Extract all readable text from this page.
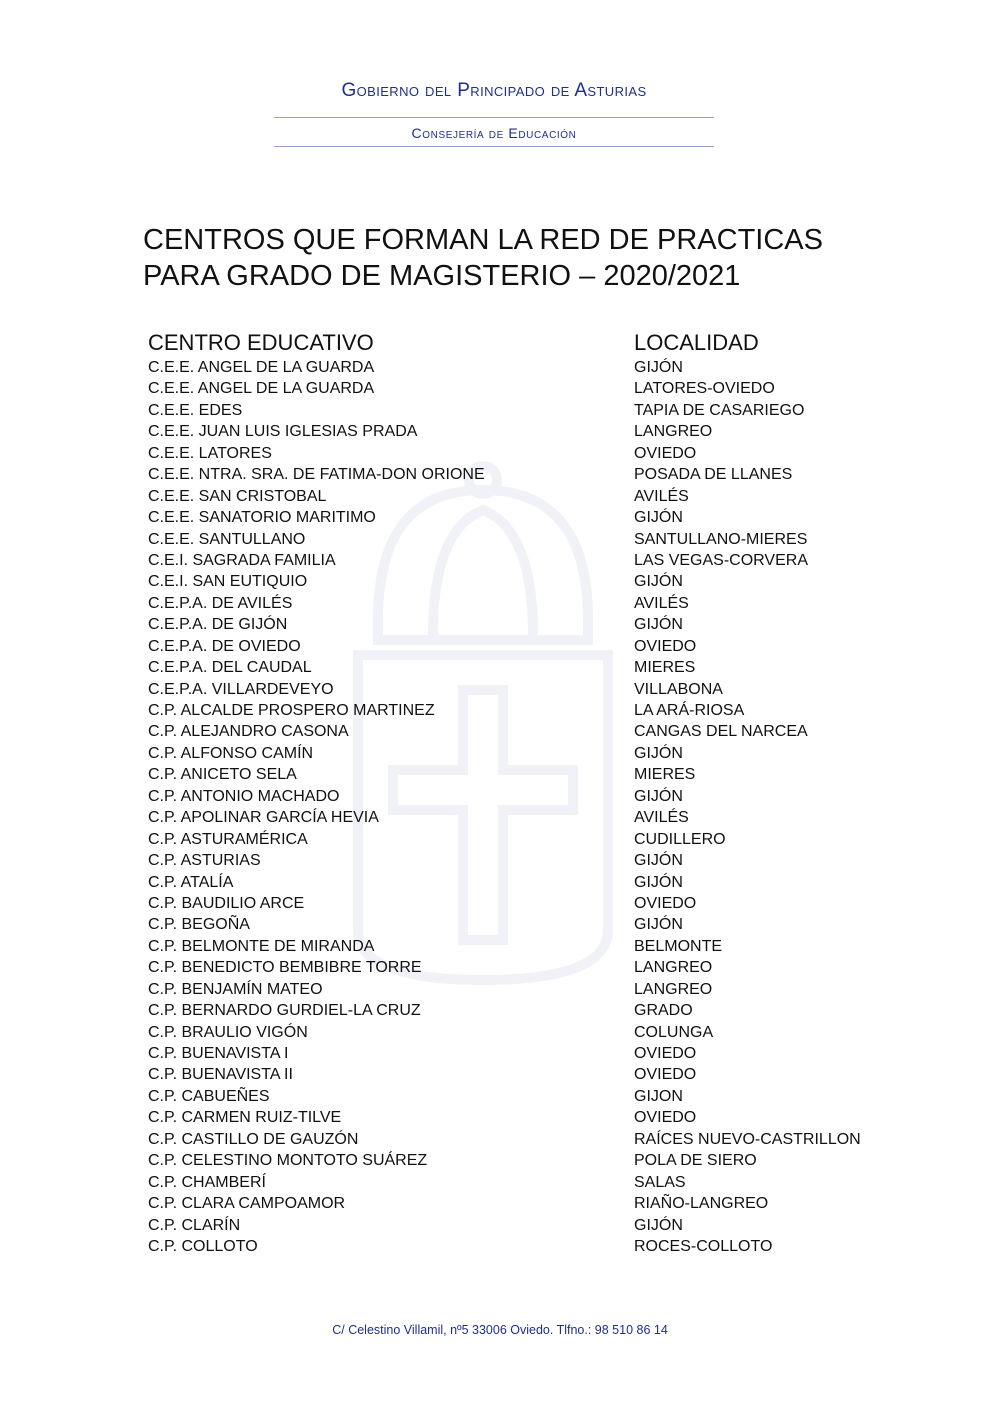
Gobierno del Principado de Asturias
Consejería de Educación
CENTROS QUE FORMAN LA RED DE PRACTICAS
PARA GRADO DE MAGISTERIO – 2020/2021
CENTRO EDUCATIVO	LOCALIDAD
C.E.E. ANGEL DE LA GUARDA	GIJÓN
C.E.E. ANGEL DE LA GUARDA	LATORES-OVIEDO
C.E.E. EDES	TAPIA DE CASARIEGO
C.E.E. JUAN LUIS IGLESIAS PRADA	LANGREO
C.E.E. LATORES	OVIEDO
C.E.E. NTRA. SRA. DE FATIMA-DON ORIONE	POSADA DE LLANES
C.E.E. SAN CRISTOBAL	AVILÉS
C.E.E. SANATORIO MARITIMO	GIJÓN
C.E.E. SANTULLANO	SANTULLANO-MIERES
C.E.I. SAGRADA FAMILIA	LAS VEGAS-CORVERA
C.E.I. SAN EUTIQUIO	GIJÓN
C.E.P.A. DE AVILÉS	AVILÉS
C.E.P.A. DE GIJÓN	GIJÓN
C.E.P.A. DE OVIEDO	OVIEDO
C.E.P.A. DEL CAUDAL	MIERES
C.E.P.A. VILLARDEVEYO	VILLABONA
C.P. ALCALDE PROSPERO MARTINEZ	LA ARÁ-RIOSA
C.P. ALEJANDRO CASONA	CANGAS DEL NARCEA
C.P. ALFONSO CAMÍN	GIJÓN
C.P. ANICETO SELA	MIERES
C.P. ANTONIO MACHADO	GIJÓN
C.P. APOLINAR GARCÍA HEVIA	AVILÉS
C.P. ASTURAMÉRICA	CUDILLERO
C.P. ASTURIAS	GIJÓN
C.P. ATALÍA	GIJÓN
C.P. BAUDILIO ARCE	OVIEDO
C.P. BEGOÑA	GIJÓN
C.P. BELMONTE DE MIRANDA	BELMONTE
C.P. BENEDICTO BEMBIBRE TORRE	LANGREO
C.P. BENJAMÍN MATEO	LANGREO
C.P. BERNARDO GURDIEL-LA CRUZ	GRADO
C.P. BRAULIO VIGÓN	COLUNGA
C.P. BUENAVISTA I	OVIEDO
C.P. BUENAVISTA II	OVIEDO
C.P. CABUEÑES	GIJON
C.P. CARMEN RUIZ-TILVE	OVIEDO
C.P. CASTILLO DE GAUZÓN	RAÍCES NUEVO-CASTRILLON
C.P. CELESTINO MONTOTO SUÁREZ	POLA DE SIERO
C.P. CHAMBERÍ	SALAS
C.P. CLARA CAMPOAMOR	RIAÑO-LANGREO
C.P. CLARÍN	GIJÓN
C.P. COLLOTO	ROCES-COLLOTO
C/ Celestino Villamil, nº5 33006 Oviedo. Tlfno.: 98 510 86 14
